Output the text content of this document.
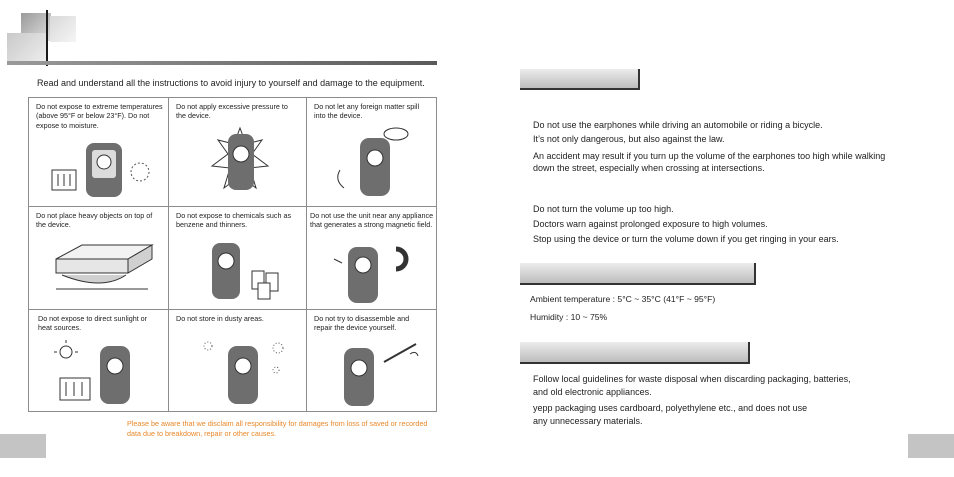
Read and understand all the instructions to avoid injury to yourself and damage to the equipment.
Do not expose to extreme temperatures (above 95°F or below 23°F). Do not expose to moisture.
Do not apply excessive pressure to the device.
Do not let any foreign matter spill into the device.
Do not place heavy objects on top of the device.
Do not expose to chemicals such as benzene and thinners.
Do not use the unit near any appliance that generates a strong magnetic field.
Do not expose to direct sunlight or heat sources.
Do not store in dusty areas.	Do not try to disassemble and repair the device yourself.
Please be aware that we disclaim all responsibility for damages from loss of saved or recorded data due to breakdown, repair or other causes.
Do not use the earphones while driving an automobile or riding a bicycle.
It’s not only dangerous, but also against the law.
An accident may result if you turn up the volume of the earphones too high while walking
down the street, especially when crossing at intersections.
Do not turn the volume up too high.
Doctors warn against prolonged exposure to high volumes.
Stop using the device or turn the volume down if you get ringing in your ears.
Ambient temperature : 5°C ~ 35°C (41°F ~ 95°F)
Humidity : 10 ~ 75%
Follow local guidelines for waste disposal when discarding packaging, batteries,
and old electronic appliances.
yepp packaging uses cardboard, polyethylene etc., and does not use
any unnecessary materials.
